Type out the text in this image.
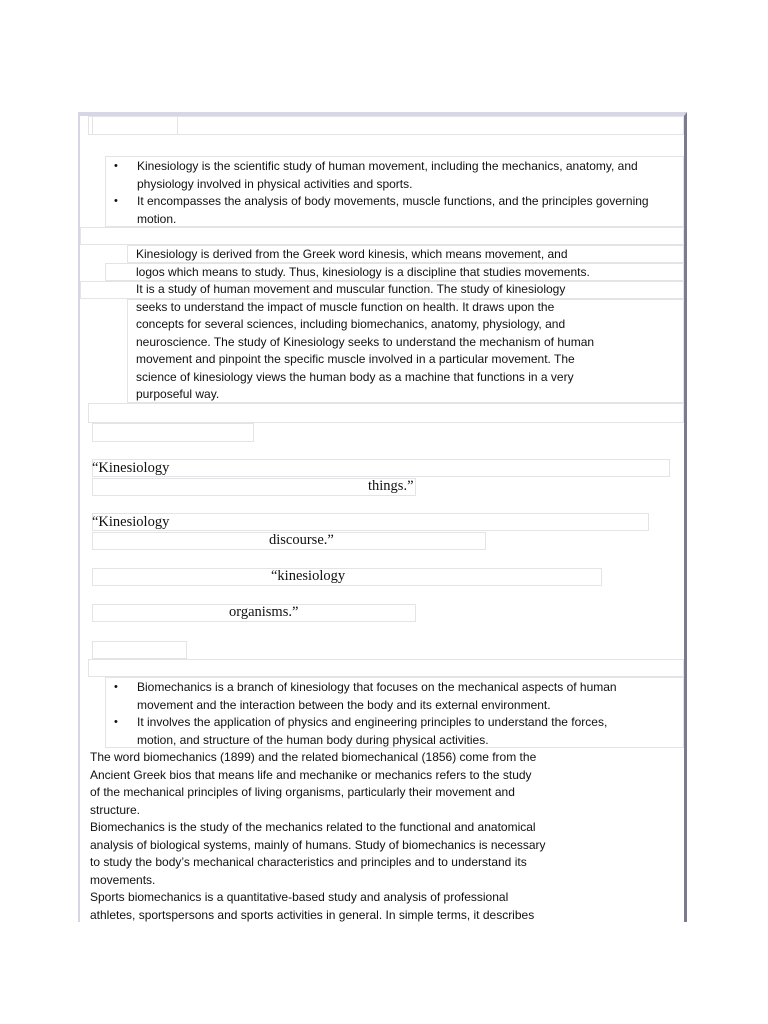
• Kinesiology is the scientific study of human movement, including the mechanics, anatomy, and
physiology involved in physical activities and sports.
• It encompasses the analysis of body movements, muscle functions, and the principles governing
motion.
Kinesiology is derived from the Greek word kinesis, which means movement, and
logos which means to study. Thus, kinesiology is a discipline that studies movements.
It is a study of human movement and muscular function. The study of kinesiology
seeks to understand the impact of muscle function on health. It draws upon the
concepts for several sciences, including biomechanics, anatomy, physiology, and
neuroscience. The study of Kinesiology seeks to understand the mechanism of human
movement and pinpoint the specific muscle involved in a particular movement. The
science of kinesiology views the human body as a machine that functions in a very
purposeful way.
“Kinesiology
things.”
“Kinesiology
discourse.”
“kinesiology
organisms.”
• Biomechanics is a branch of kinesiology that focuses on the mechanical aspects of human
movement and the interaction between the body and its external environment.
• It involves the application of physics and engineering principles to understand the forces,
motion, and structure of the human body during physical activities.
The word biomechanics (1899) and the related biomechanical (1856) come from the
Ancient Greek bios that means life and mechanike or mechanics refers to the study
of the mechanical principles of living organisms, particularly their movement and
structure.
Biomechanics is the study of the mechanics related to the functional and anatomical
analysis of biological systems, mainly of humans. Study of biomechanics is necessary
to study the body’s mechanical characteristics and principles and to understand its
movements.
Sports biomechanics is a quantitative-based study and analysis of professional
athletes, sportspersons and sports activities in general. In simple terms, it describes
